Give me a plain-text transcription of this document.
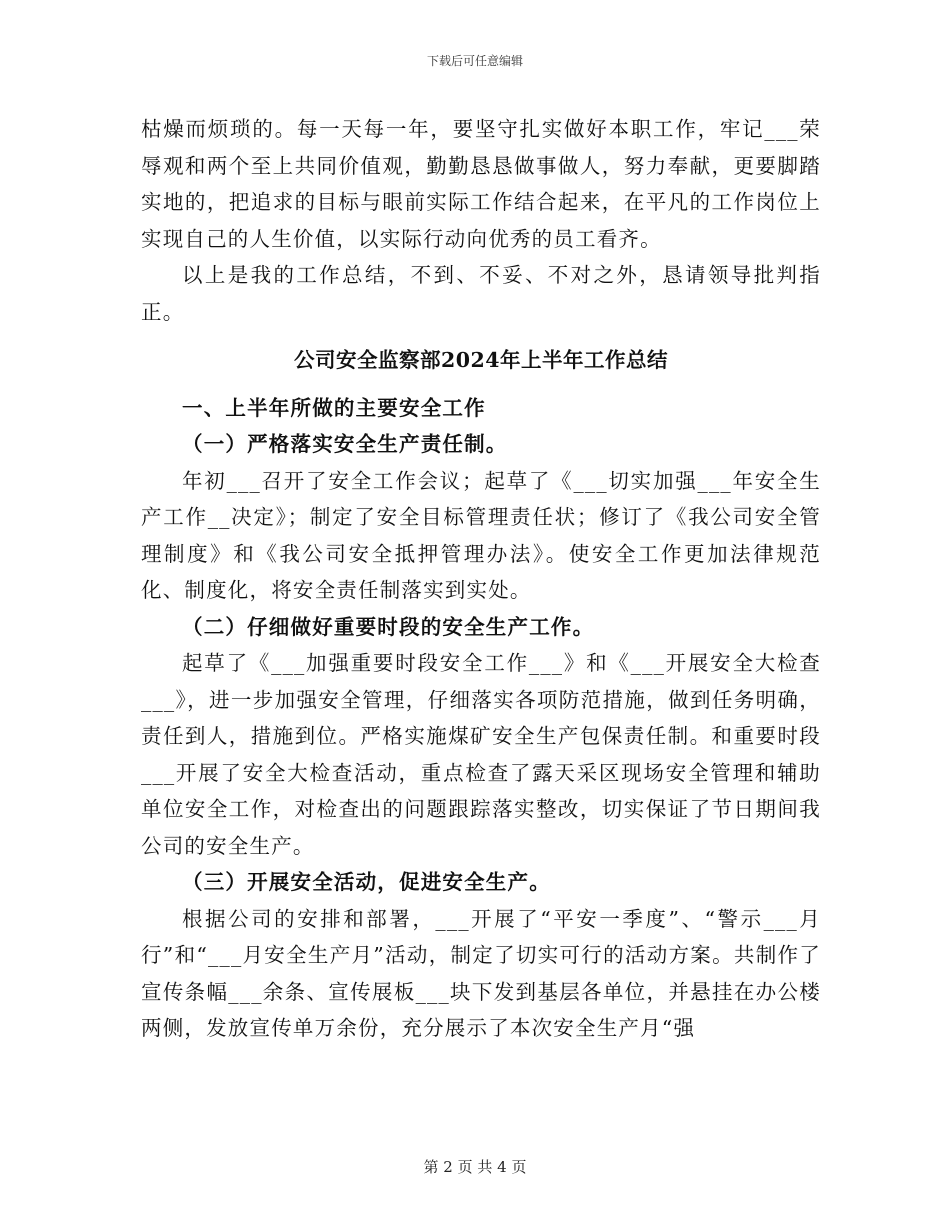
下载后可任意编辑

枯燥而烦琐的。每一天每一年，要坚守扎实做好本职工作，牢记___荣辱观和两个至上共同价值观，勤勤恳恳做事做人，努力奉献，更要脚踏实地的，把追求的目标与眼前实际工作结合起来，在平凡的工作岗位上实现自己的人生价值，以实际行动向优秀的员工看齐。

以上是我的工作总结，不到、不妥、不对之外，恳请领导批判指正。

公司安全监察部2024年上半年工作总结
一、上半年所做的主要安全工作
（一）严格落实安全生产责任制。

年初___召开了安全工作会议；起草了《___切实加强___年安全生产工作__决定》；制定了安全目标管理责任状；修订了《我公司安全管理制度》和《我公司安全抵押管理办法》。使安全工作更加法律规范化、制度化，将安全责任制落实到实处。

（二）仔细做好重要时段的安全生产工作。

起草了《___加强重要时段安全工作___》和《___开展安全大检查___》，进一步加强安全管理，仔细落实各项防范措施，做到任务明确，责任到人，措施到位。严格实施煤矿安全生产包保责任制。和重要时段___开展了安全大检查活动，重点检查了露天采区现场安全管理和辅助单位安全工作，对检查出的问题跟踪落实整改，切实保证了节日期间我公司的安全生产。

（三）开展安全活动，促进安全生产。

根据公司的安排和部署，___开展了“平安一季度”、“警示___月行”和“___月安全生产月”活动，制定了切实可行的活动方案。共制作了宣传条幅___余条、宣传展板___块下发到基层各单位，并悬挂在办公楼两侧，发放宣传单万余份，充分展示了本次安全生产月“强

第 2 页 共 4 页
